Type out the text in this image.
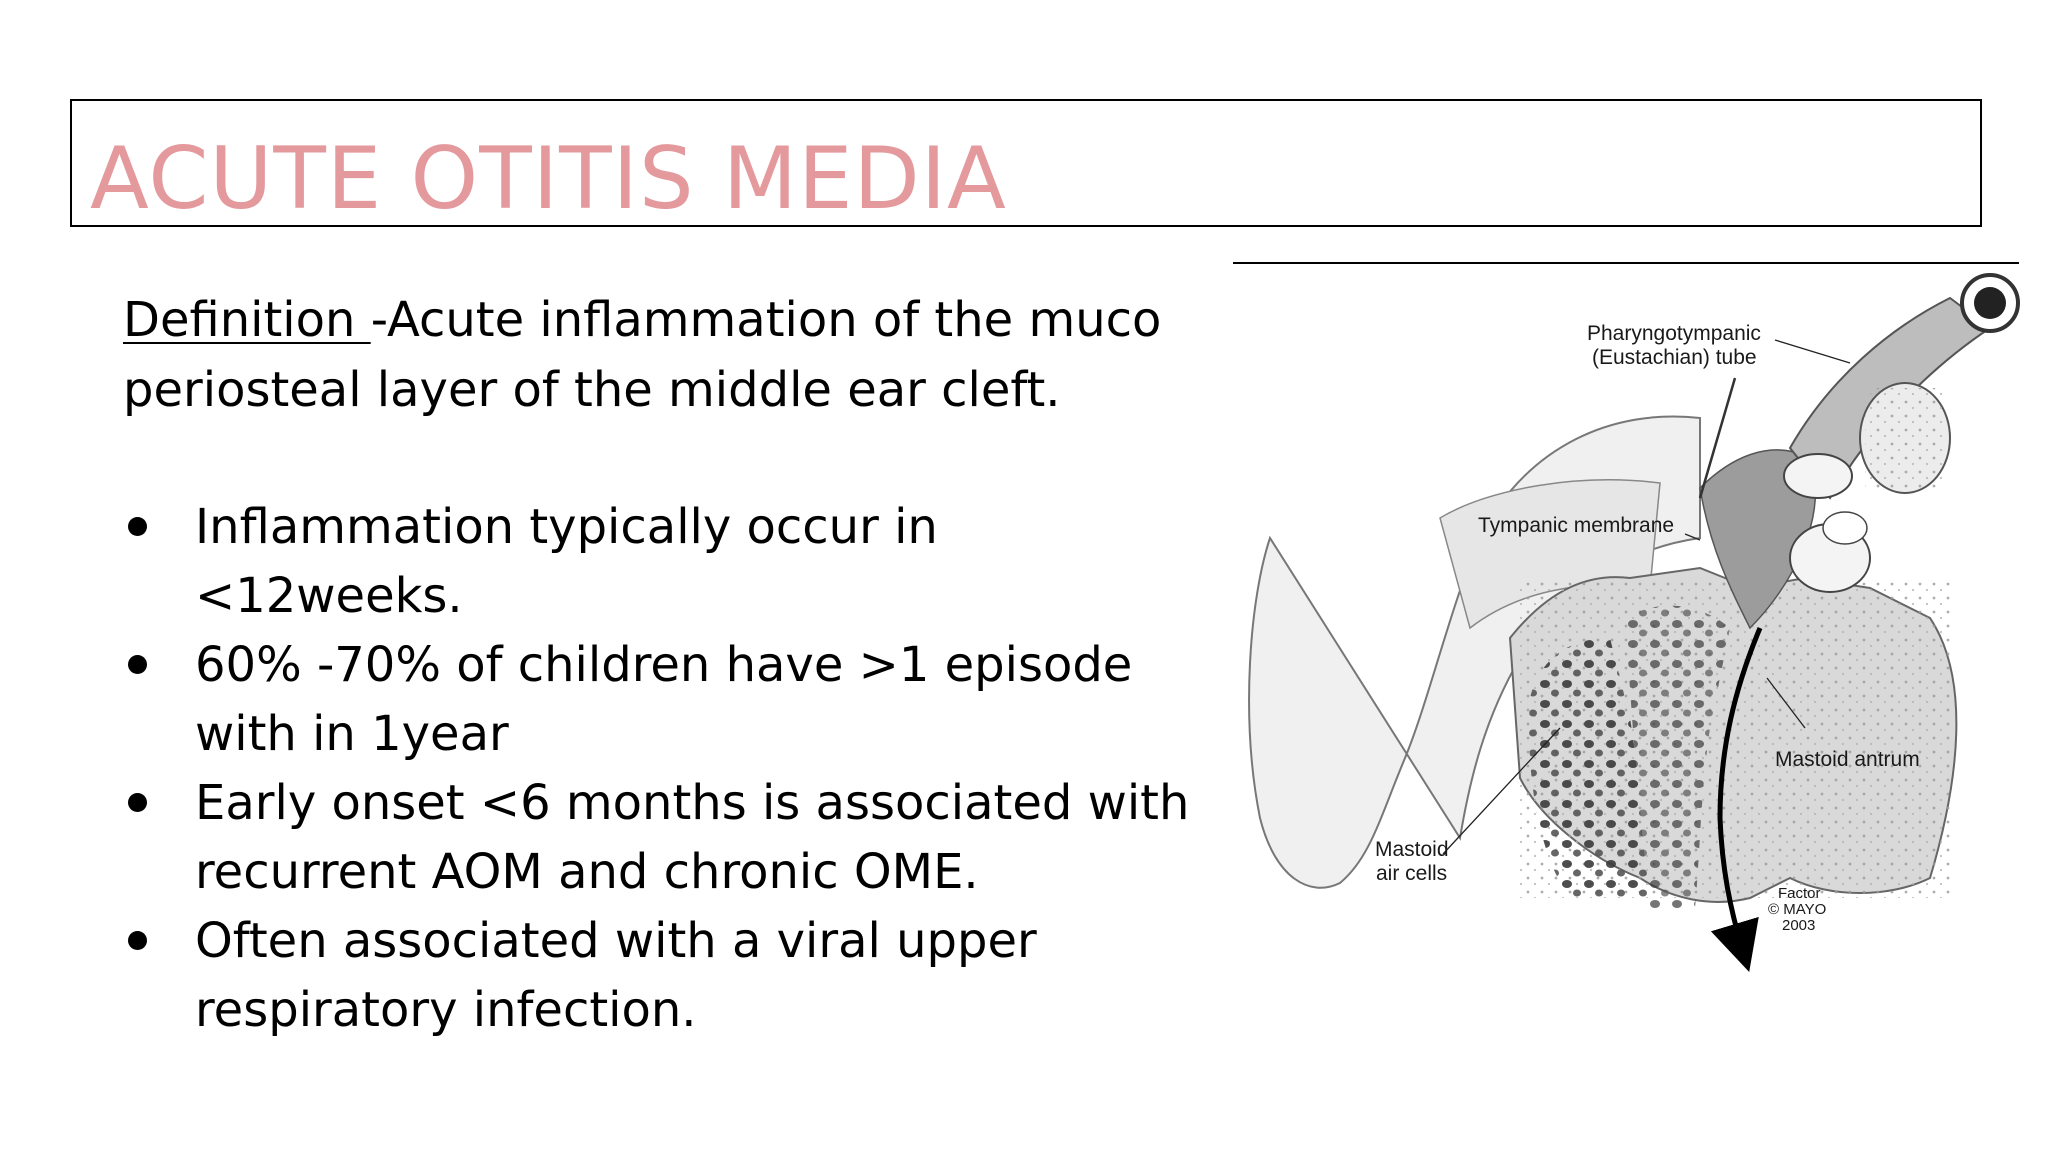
ACUTE OTITIS MEDIA

Definition -Acute inflammation of the muco periosteal layer of the middle ear cleft.

Inflammation typically occur in <12weeks.
60% -70% of children have >1 episode with in 1year
Early onset <6 months is associated with recurrent AOM and chronic OME.
Often associated with a viral upper respiratory infection.
Pharyngotympanic
(Eustachian) tube
Tympanic membrane
Mastoid antrum
Mastoid
air cells
Factor
© MAYO
2003
